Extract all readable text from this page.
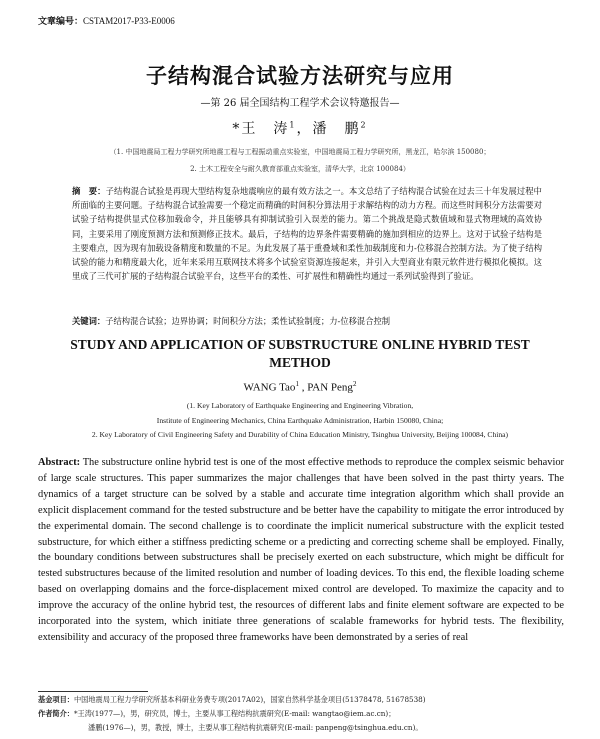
文章编号：CSTAM2017-P33-E0006
子结构混合试验方法研究与应用
—第 26 届全国结构工程学术会议特邀报告—
*王　涛$^1$，潘　鹏$^2$
（1. 中国地震局工程力学研究所地震工程与工程振动重点实验室，中国地震局工程力学研究所，黑龙江，哈尔滨 150080；
2. 土木工程安全与耐久教育部重点实验室，清华大学，北京 100084）
摘　要：子结构混合试验是再现大型结构复杂地震响应的最有效方法之一。本文总结了子结构混合试验在过去三十年发展过程中所面临的主要问题。子结构混合试验需要一个稳定而精确的时间积分算法用于求解结构的动力方程。而这些时间积分方法需要对试验子结构提供显式位移加载命令，并且能够具有抑制试验引入误差的能力。第二个挑战是隐式数值域和显式物理域的高效协同，主要采用了刚度预测方法和预测修正技术。最后，子结构的边界条件需要精确的施加到相应的边界上。这对于试验子结构是主要难点，因为现有加载设备精度和数量的不足。为此发展了基于重叠域和柔性加载制度和力-位移混合控制方法。为了使子结构试验的能力和精度最大化，近年来采用互联网技术将多个试验室资源连接起来，并引入大型商业有限元软件进行模拟化模拟。这里成了三代可扩展的子结构混合试验平台，这些平台的柔性、可扩展性和精确性均通过一系列试验得到了验证。
关键词：子结构混合试验；边界协调；时间积分方法；柔性试验制度；力-位移混合控制
STUDY AND APPLICATION OF SUBSTRUCTURE ONLINE HYBRID TEST METHOD
WANG Tao$^1$ , PAN Peng$^2$
(1. Key Laboratory of Earthquake Engineering and Engineering Vibration,
Institute of Engineering Mechanics, China Earthquake Administration, Harbin 150080, China;
2. Key Laboratory of Civil Engineering Safety and Durability of China Education Ministry, Tsinghua University, Beijing 100084, China)
Abstract: The substructure online hybrid test is one of the most effective methods to reproduce the complex seismic behavior of large scale structures. This paper summarizes the major challenges that have been solved in the past thirty years. The dynamics of a target structure can be solved by a stable and accurate time integration algorithm which shall provide an explicit displacement command for the tested substructure and be better have the capability to mitigate the error introduced by the experimental domain. The second challenge is to coordinate the implicit numerical substructure with the explicit tested substructure, for which either a stiffness predicting scheme or a predicting and correcting scheme shall be employed. Finally, the boundary conditions between substructures shall be precisely exerted on each substructure, which might be difficult for tested substructures because of the limited resolution and number of loading devices. To this end, the flexible loading scheme based on overlapping domains and the force-displacement mixed control are developed. To maximize the capacity and to improve the accuracy of the online hybrid test, the resources of different labs and finite element software are expected to be incorporated into the system, which initiate three generations of scalable frameworks for hybrid tests. The flexibility, extensibility and accuracy of the proposed three frameworks have been demonstrated by a series of real
基金项目：中国地震局工程力学研究所基本科研业务费专项(2017A02)，国家自然科学基金项目(51378478, 51678538)
作者简介：*王涛(1977—)，男，研究员，博士，主要从事工程结构抗震研究(E-mail: wangtao@iem.ac.cn)；
潘鹏(1976—)，男，教授，博士，主要从事工程结构抗震研究(E-mail: panpeng@tsinghua.edu.cn)。
